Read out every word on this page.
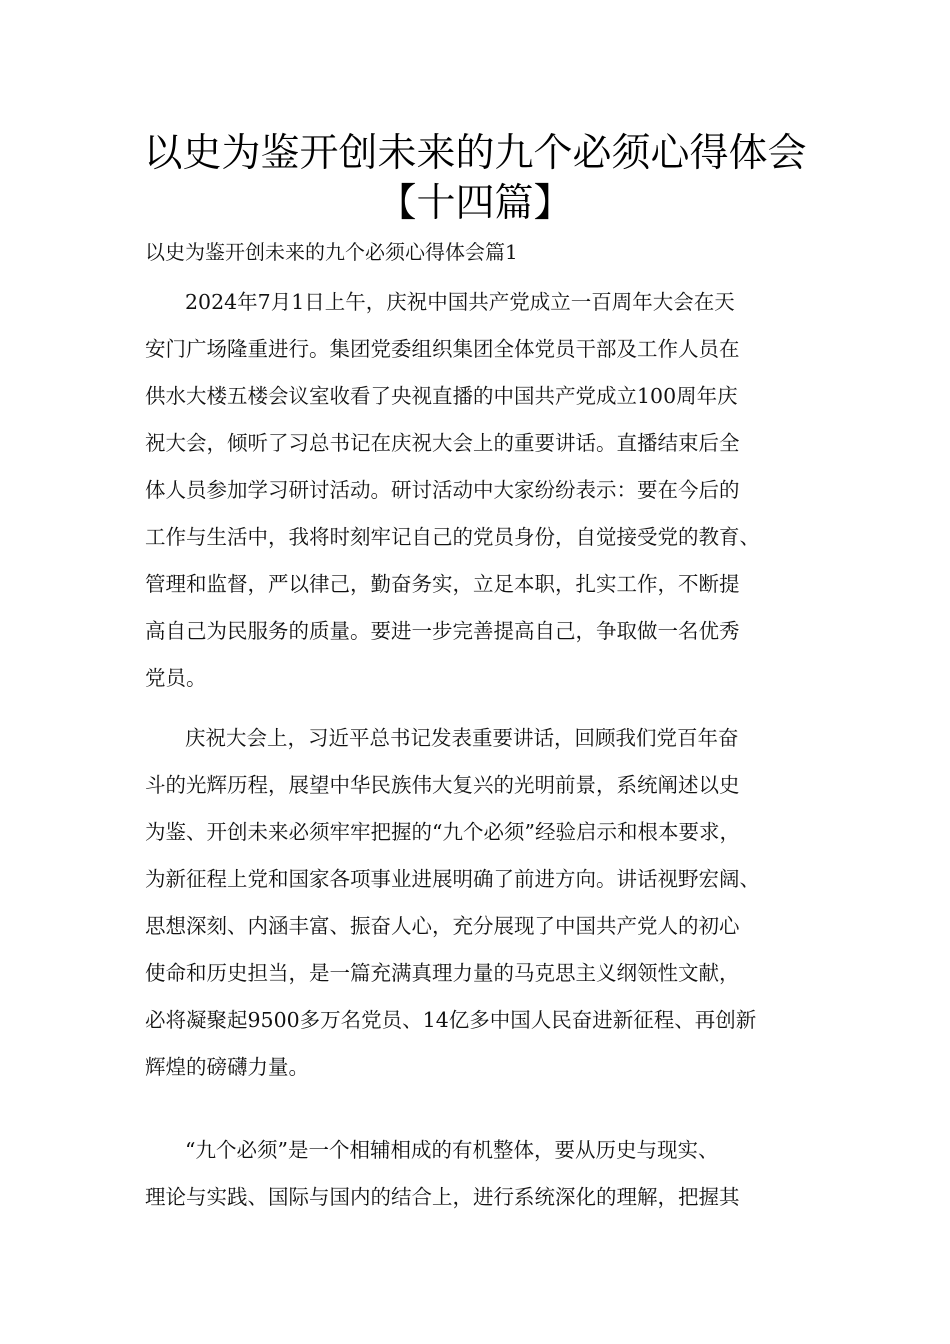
以史为鉴开创未来的九个必须心得体会
【十四篇】

以史为鉴开创未来的九个必须心得体会篇1

2024年7月1日上午，庆祝中国共产党成立一百周年大会在天

安门广场隆重进行。集团党委组织集团全体党员干部及工作人员在

供水大楼五楼会议室收看了央视直播的中国共产党成立100周年庆

祝大会，倾听了习总书记在庆祝大会上的重要讲话。直播结束后全

体人员参加学习研讨活动。研讨活动中大家纷纷表示：要在今后的

工作与生活中，我将时刻牢记自己的党员身份，自觉接受党的教育、

管理和监督，严以律己，勤奋务实，立足本职，扎实工作，不断提

高自己为民服务的质量。要进一步完善提高自己，争取做一名优秀

党员。

庆祝大会上，习近平总书记发表重要讲话，回顾我们党百年奋

斗的光辉历程，展望中华民族伟大复兴的光明前景，系统阐述以史

为鉴、开创未来必须牢牢把握的“九个必须”经验启示和根本要求，

为新征程上党和国家各项事业进展明确了前进方向。讲话视野宏阔、

思想深刻、内涵丰富、振奋人心，充分展现了中国共产党人的初心

使命和历史担当，是一篇充满真理力量的马克思主义纲领性文献，

必将凝聚起9500多万名党员、14亿多中国人民奋进新征程、再创新

辉煌的磅礴力量。

“九个必须”是一个相辅相成的有机整体，要从历史与现实、

理论与实践、国际与国内的结合上，进行系统深化的理解，把握其
